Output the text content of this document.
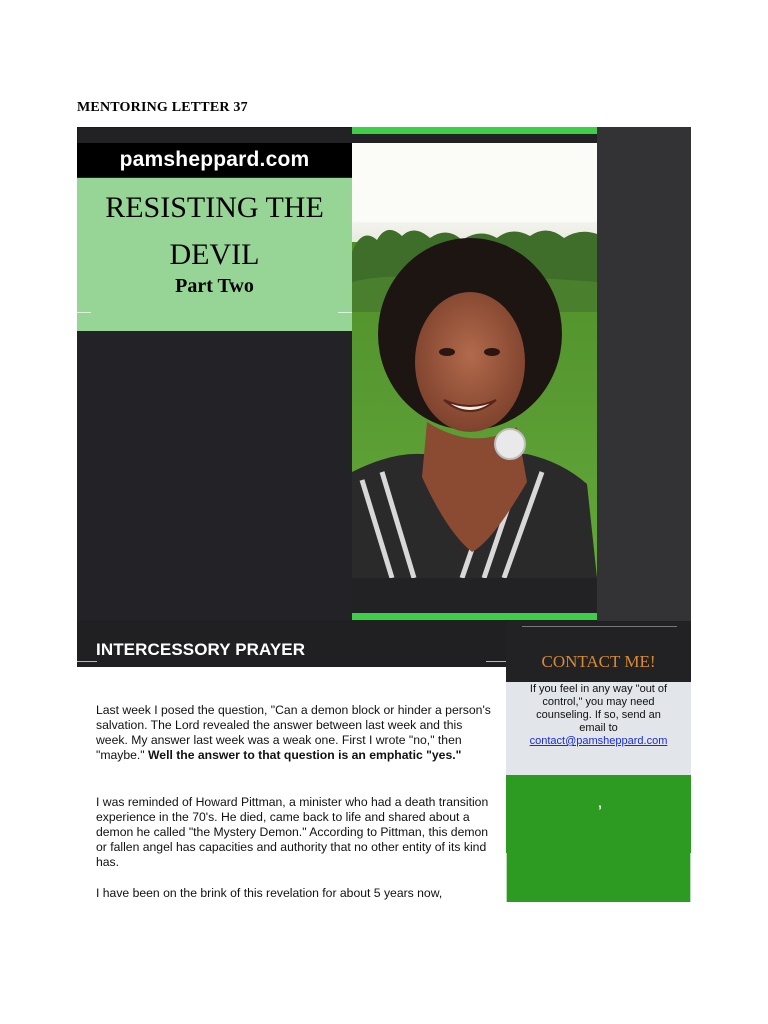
MENTORING LETTER 37
pamsheppard.com
RESISTING THE
DEVIL
Part Two
INTERCESSORY PRAYER

Last week I posed the question, "Can a demon block or hinder a person's salvation. The Lord revealed the answer between last week and this week. My answer last week was a weak one. First I wrote "no," then "maybe." Well the answer to that question is an emphatic "yes."

I was reminded of Howard Pittman, a minister who had a death transition experience in the 70's. He died, came back to life and shared about a demon he called "the Mystery Demon." According to Pittman, this demon or fallen angel has capacities and authority that no other entity of its kind has.

I have been on the brink of this revelation for about 5 years now,

CONTACT ME!
If you feel in any way "out of control," you may need counseling. If so, send an email to
contact@pamsheppard.com
’
